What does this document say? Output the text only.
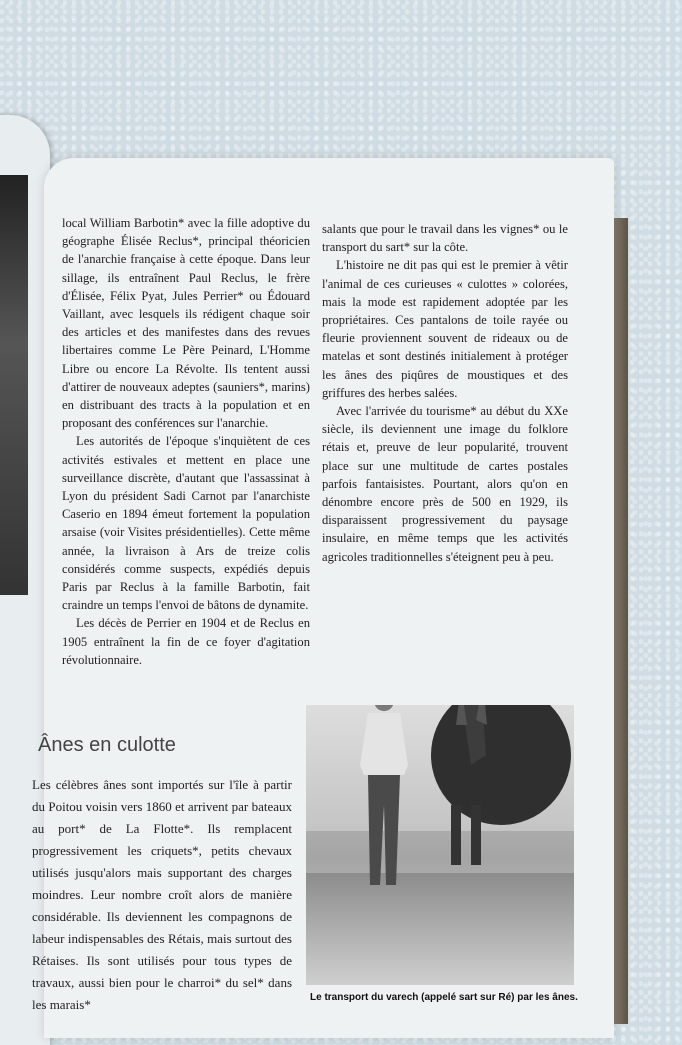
local William Barbotin* avec la fille adoptive du géographe Élisée Reclus*, principal théoricien de l'anarchie française à cette époque. Dans leur sillage, ils entraînent Paul Reclus, le frère d'Élisée, Félix Pyat, Jules Perrier* ou Édouard Vaillant, avec lesquels ils rédigent chaque soir des articles et des manifestes dans des revues libertaires comme Le Père Peinard, L'Homme Libre ou encore La Révolte. Ils tentent aussi d'attirer de nouveaux adeptes (sauniers*, marins) en distribuant des tracts à la population et en proposant des conférences sur l'anarchie.

Les autorités de l'époque s'inquiètent de ces activités estivales et mettent en place une surveillance discrète, d'autant que l'assassinat à Lyon du président Sadi Carnot par l'anarchiste Caserio en 1894 émeut fortement la population arsaise (voir Visites présidentielles). Cette même année, la livraison à Ars de treize colis considérés comme suspects, expédiés depuis Paris par Reclus à la famille Barbotin, fait craindre un temps l'envoi de bâtons de dynamite.

Les décès de Perrier en 1904 et de Reclus en 1905 entraînent la fin de ce foyer d'agitation révolutionnaire.

Ânes en culotte

Les célèbres ânes sont importés sur l'île à partir du Poitou voisin vers 1860 et arrivent par bateaux au port* de La Flotte*. Ils remplacent progressivement les criquets*, petits chevaux utilisés jusqu'alors mais supportant des charges moindres. Leur nombre croît alors de manière considérable. Ils deviennent les compagnons de labeur indispensables des Rétais, mais surtout des Rétaises. Ils sont utilisés pour tous types de travaux, aussi bien pour le charroi* du sel* dans les marais*

salants que pour le travail dans les vignes* ou le transport du sart* sur la côte.

L'histoire ne dit pas qui est le premier à vêtir l'animal de ces curieuses « culottes » colorées, mais la mode est rapidement adoptée par les propriétaires. Ces pantalons de toile rayée ou fleurie proviennent souvent de rideaux ou de matelas et sont destinés initialement à protéger les ânes des piqûres de moustiques et des griffures des herbes salées.

Avec l'arrivée du tourisme* au début du XXe siècle, ils deviennent une image du folklore rétais et, preuve de leur popularité, trouvent place sur une multitude de cartes postales parfois fantaisistes. Pourtant, alors qu'on en dénombre encore près de 500 en 1929, ils disparaissent progressivement du paysage insulaire, en même temps que les activités agricoles traditionnelles s'éteignent peu à peu.

Le transport du varech (appelé sart sur Ré) par les ânes.
